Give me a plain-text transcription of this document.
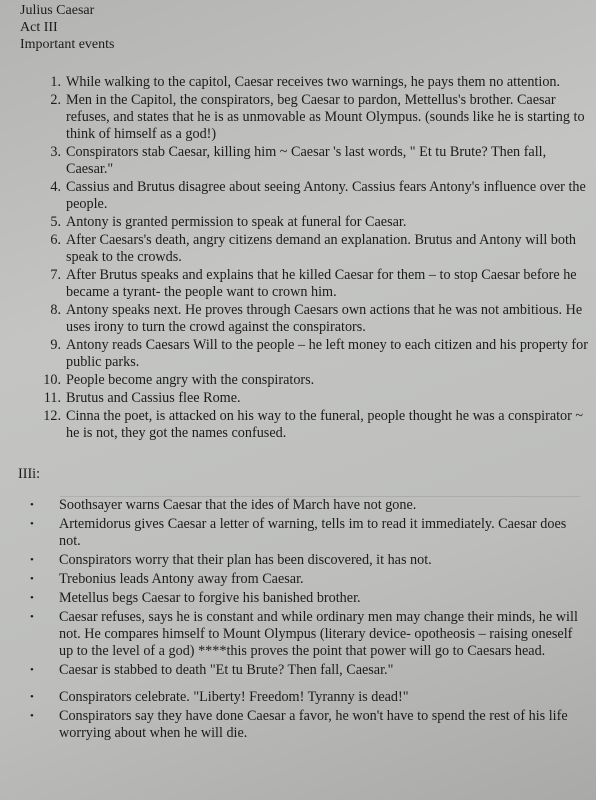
Julius Caesar
Act III
Important events
1. While walking to the capitol, Caesar receives two warnings, he pays them no attention.
2. Men in the Capitol, the conspirators, beg Caesar to pardon, Mettellus's brother. Caesar refuses, and states that he is as unmovable as Mount Olympus. (sounds like he is starting to think of himself as a god!)
3. Conspirators stab Caesar, killing him ~ Caesar 's last words, " Et tu Brute? Then fall, Caesar."
4. Cassius and Brutus disagree about seeing Antony. Cassius fears Antony's influence over the people.
5. Antony is granted permission to speak at funeral for Caesar.
6. After Caesars's death, angry citizens demand an explanation. Brutus and Antony will both speak to the crowds.
7. After Brutus speaks and explains that he killed Caesar for them – to stop Caesar before he became a tyrant- the people want to crown him.
8. Antony speaks next. He proves through Caesars own actions that he was not ambitious. He uses irony to turn the crowd against the conspirators.
9. Antony reads Caesars Will to the people – he left money to each citizen and his property for public parks.
10. People become angry with the conspirators.
11. Brutus and Cassius flee Rome.
12. Cinna the poet, is attacked on his way to the funeral, people thought he was a conspirator ~ he is not, they got the names confused.
IIIi:
•	Soothsayer warns Caesar that the ides of March have not gone.
•	Artemidorus gives Caesar a letter of warning, tells im to read it immediately. Caesar does not.
•	Conspirators worry that their plan has been discovered, it has not.
•	Trebonius leads Antony away from Caesar.
•	Metellus begs Caesar to forgive his banished brother.
•	Caesar refuses, says he is constant and while ordinary men may change their minds, he will not. He compares himself to Mount Olympus (literary device- opotheosis – raising oneself up to the level of a god) ****this proves the point that power will go to Caesars head.
•	Caesar is stabbed to death "Et tu Brute? Then fall, Caesar."
•	Conspirators celebrate. "Liberty! Freedom! Tyranny is dead!"
•	Conspirators say they have done Caesar a favor, he won't have to spend the rest of his life worrying about when he will die.
